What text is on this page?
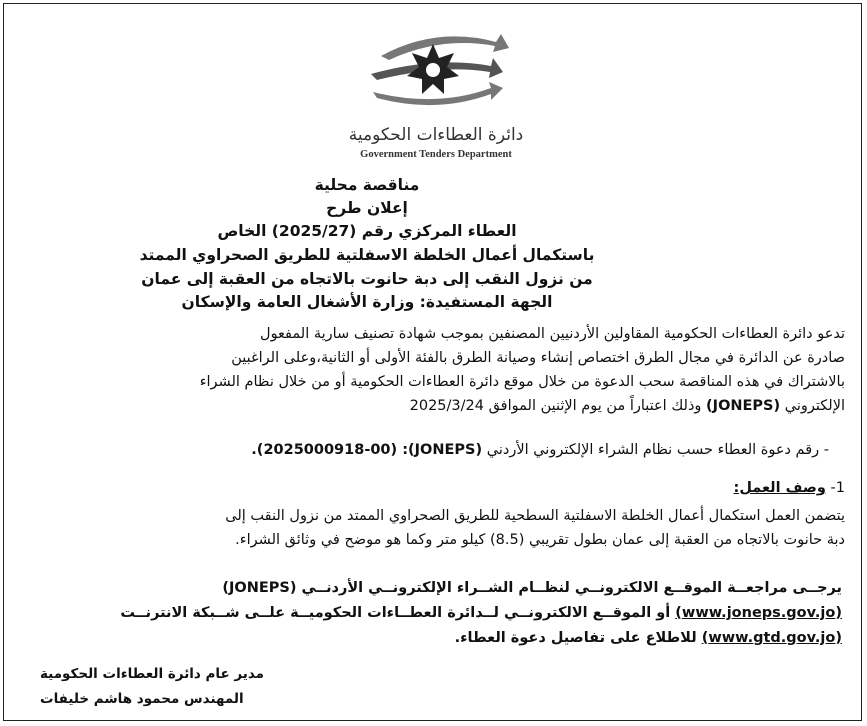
دائرة العطاءات الحكومية
Government Tenders Department
مناقصة محلية
إعلان طرح
العطاء المركزي رقم (2025/27) الخاص
باستكمال أعمال الخلطة الاسفلتية للطريق الصحراوي الممتد
من نزول النقب إلى دبة حانوت بالاتجاه من العقبة إلى عمان
الجهة المستفيدة: وزارة الأشغال العامة والإسكان
تدعو دائرة العطاءات الحكومية المقاولين الأردنيين المصنفين بموجب شهادة تصنيف سارية المفعول
صادرة عن الدائرة في مجال الطرق اختصاص إنشاء وصيانة الطرق بالفئة الأولى أو الثانية،وعلى الراغبين
بالاشتراك في هذه المناقصة سحب الدعوة من خلال موقع دائرة العطاءات الحكومية أو من خلال نظام الشراء
الإلكتروني (JONEPS) وذلك اعتباراً من يوم الإثنين الموافق 2025/3/24
- رقم دعوة العطاء حسب نظام الشراء الإلكتروني الأردني (JONEPS): (2025000918-00).
1- وصف العمل:
يتضمن العمل استكمال أعمال الخلطة الاسفلتية السطحية للطريق الصحراوي الممتد من نزول النقب إلى
دبة حانوت بالاتجاه من العقبة إلى عمان بطول تقريبي (8.5) كيلو متر وكما هو موضح في وثائق الشراء.
يرجــى مراجعــة الموقــع الالكترونــي لنظــام الشــراء الإلكترونــي الأردنــي (JONEPS)
(www.joneps.gov.jo) أو الموقــع الالكترونــي لــدائرة العطــاءات الحكوميــة علــى شــبكة الانترنــت
(www.gtd.gov.jo) للاطلاع على تفاصيل دعوة العطاء.
مدير عام دائرة العطاءات الحكومية
المهندس محمود هاشم خليفات
